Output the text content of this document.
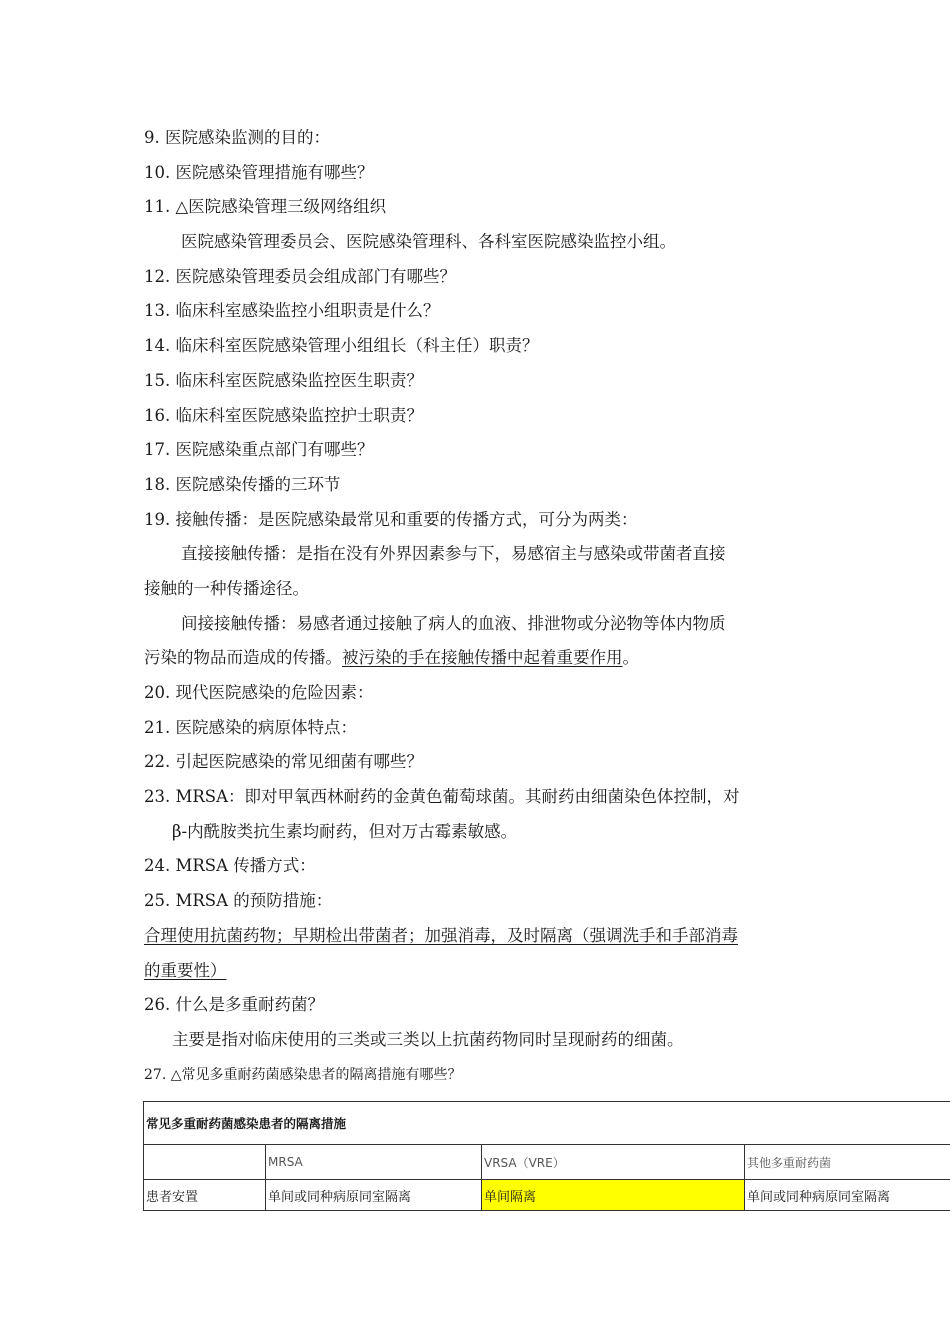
9. 医院感染监测的目的：
10. 医院感染管理措施有哪些？
11. △医院感染管理三级网络组织
医院感染管理委员会、医院感染管理科、各科室医院感染监控小组。
12. 医院感染管理委员会组成部门有哪些？
13. 临床科室感染监控小组职责是什么？
14. 临床科室医院感染管理小组组长（科主任）职责？
15. 临床科室医院感染监控医生职责？
16. 临床科室医院感染监控护士职责？
17. 医院感染重点部门有哪些？
18. 医院感染传播的三环节
19. 接触传播：是医院感染最常见和重要的传播方式，可分为两类：
直接接触传播：是指在没有外界因素参与下，易感宿主与感染或带菌者直接
接触的一种传播途径。
间接接触传播：易感者通过接触了病人的血液、排泄物或分泌物等体内物质
污染的物品而造成的传播。被污染的手在接触传播中起着重要作用。
20. 现代医院感染的危险因素：
21. 医院感染的病原体特点：
22. 引起医院感染的常见细菌有哪些？
23. MRSA：即对甲氧西林耐药的金黄色葡萄球菌。其耐药由细菌染色体控制，对
β-内酰胺类抗生素均耐药，但对万古霉素敏感。
24. MRSA 传播方式：
25. MRSA 的预防措施：
合理使用抗菌药物；早期检出带菌者；加强消毒，及时隔离（强调洗手和手部消毒
的重要性）
26. 什么是多重耐药菌？
主要是指对临床使用的三类或三类以上抗菌药物同时呈现耐药的细菌。
27. △常见多重耐药菌感染患者的隔离措施有哪些？
常见多重耐药菌感染患者的隔离措施			
	MRSA	VRSA（VRE）	其他多重耐药菌
患者安置	单间或同种病原同室隔离	单间隔离	单间或同种病原同室隔离
